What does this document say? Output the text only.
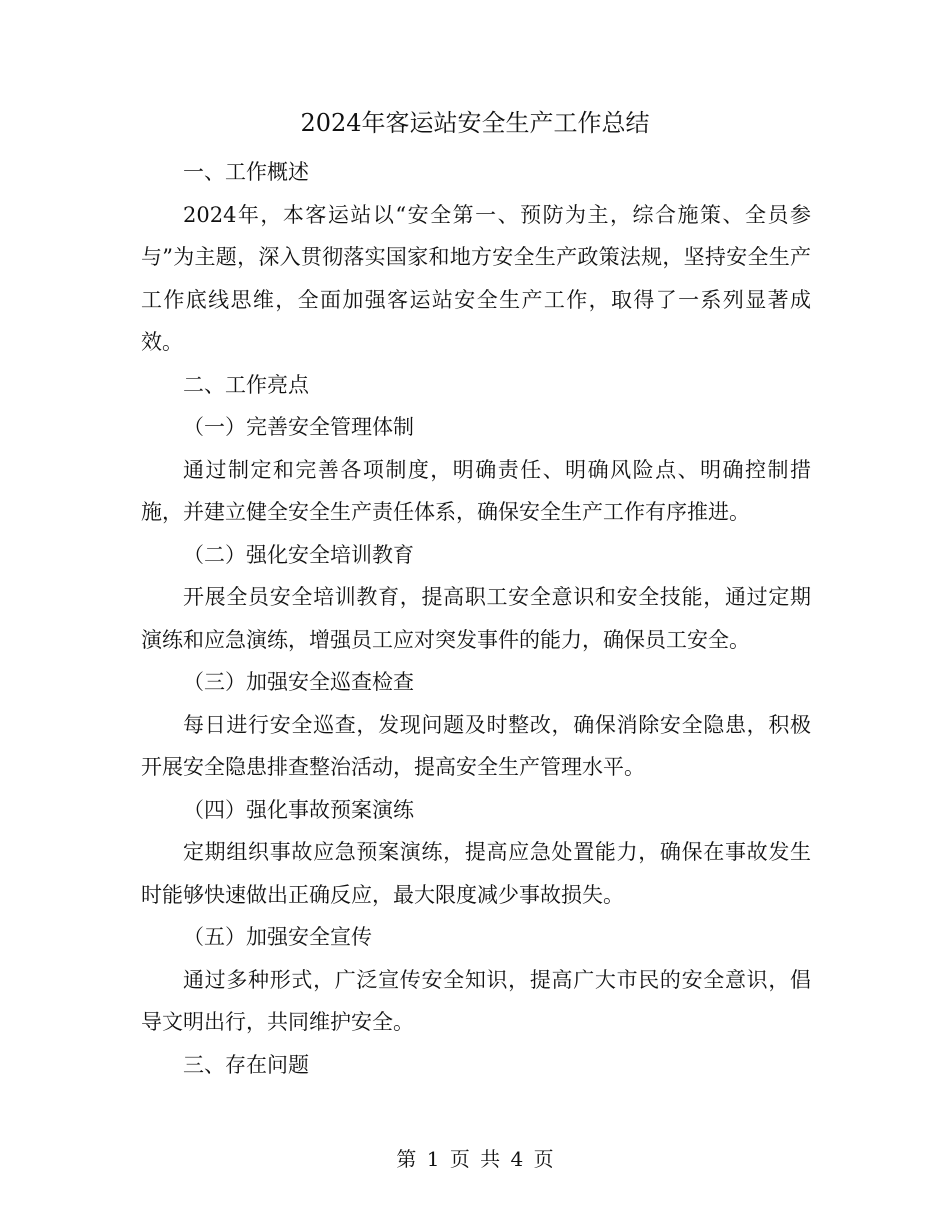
2024年客运站安全生产工作总结

一、工作概述

2024年，本客运站以“安全第一、预防为主，综合施策、全员参与”为主题，深入贯彻落实国家和地方安全生产政策法规，坚持安全生产工作底线思维，全面加强客运站安全生产工作，取得了一系列显著成效。

二、工作亮点

（一）完善安全管理体制

通过制定和完善各项制度，明确责任、明确风险点、明确控制措施，并建立健全安全生产责任体系，确保安全生产工作有序推进。

（二）强化安全培训教育

开展全员安全培训教育，提高职工安全意识和安全技能，通过定期演练和应急演练，增强员工应对突发事件的能力，确保员工安全。

（三）加强安全巡查检查

每日进行安全巡查，发现问题及时整改，确保消除安全隐患，积极开展安全隐患排查整治活动，提高安全生产管理水平。

（四）强化事故预案演练

定期组织事故应急预案演练，提高应急处置能力，确保在事故发生时能够快速做出正确反应，最大限度减少事故损失。

（五）加强安全宣传

通过多种形式，广泛宣传安全知识，提高广大市民的安全意识，倡导文明出行，共同维护安全。

三、存在问题

第 1 页 共 4 页
